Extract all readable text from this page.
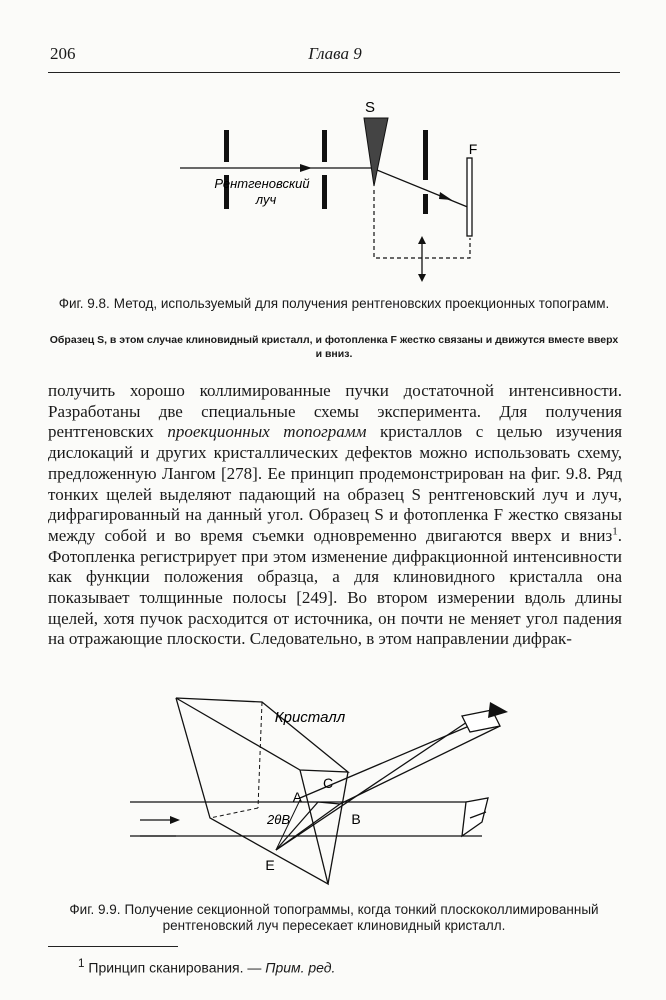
206	Глава 9
S
F
Рентгеновский
луч
Фиг. 9.8. Метод, используемый для получения рентгеновских проекционных топограмм.
Образец S, в этом случае клиновидный кристалл, и фотопленка F жестко связаны и движутся вместе вверх и вниз.

получить хорошо коллимированные пучки достаточной интенсивности. Разработаны две специальные схемы эксперимента. Для получения рентгеновских проекционных топограмм кристаллов с целью изучения дислокаций и других кристаллических дефектов можно использовать схему, предложенную Лангом [278]. Ее принцип продемонстрирован на фиг. 9.8. Ряд тонких щелей выделяют падающий на образец S рентгеновский луч и луч, дифрагированный на данный угол. Образец S и фотопленка F жестко связаны между собой и во время съемки одновременно двигаются вверх и вниз$^1$. Фотопленка регистрирует при этом изменение дифракционной интенсивности как функции положения образца, а для клиновидного кристалла она показывает толщинные полосы [249]. Во втором измерении вдоль длины щелей, хотя пучок расходится от источника, он почти не меняет угол падения на отражающие плоскости. Следовательно, в этом направлении дифрак-

Кристалл
A
B
C
E
2θB
Фиг. 9.9. Получение секционной топограммы, когда тонкий плоскоколлимированный рентгеновский луч пересекает клиновидный кристалл.
$^1$ Принцип сканирования. — Прим. ред.
